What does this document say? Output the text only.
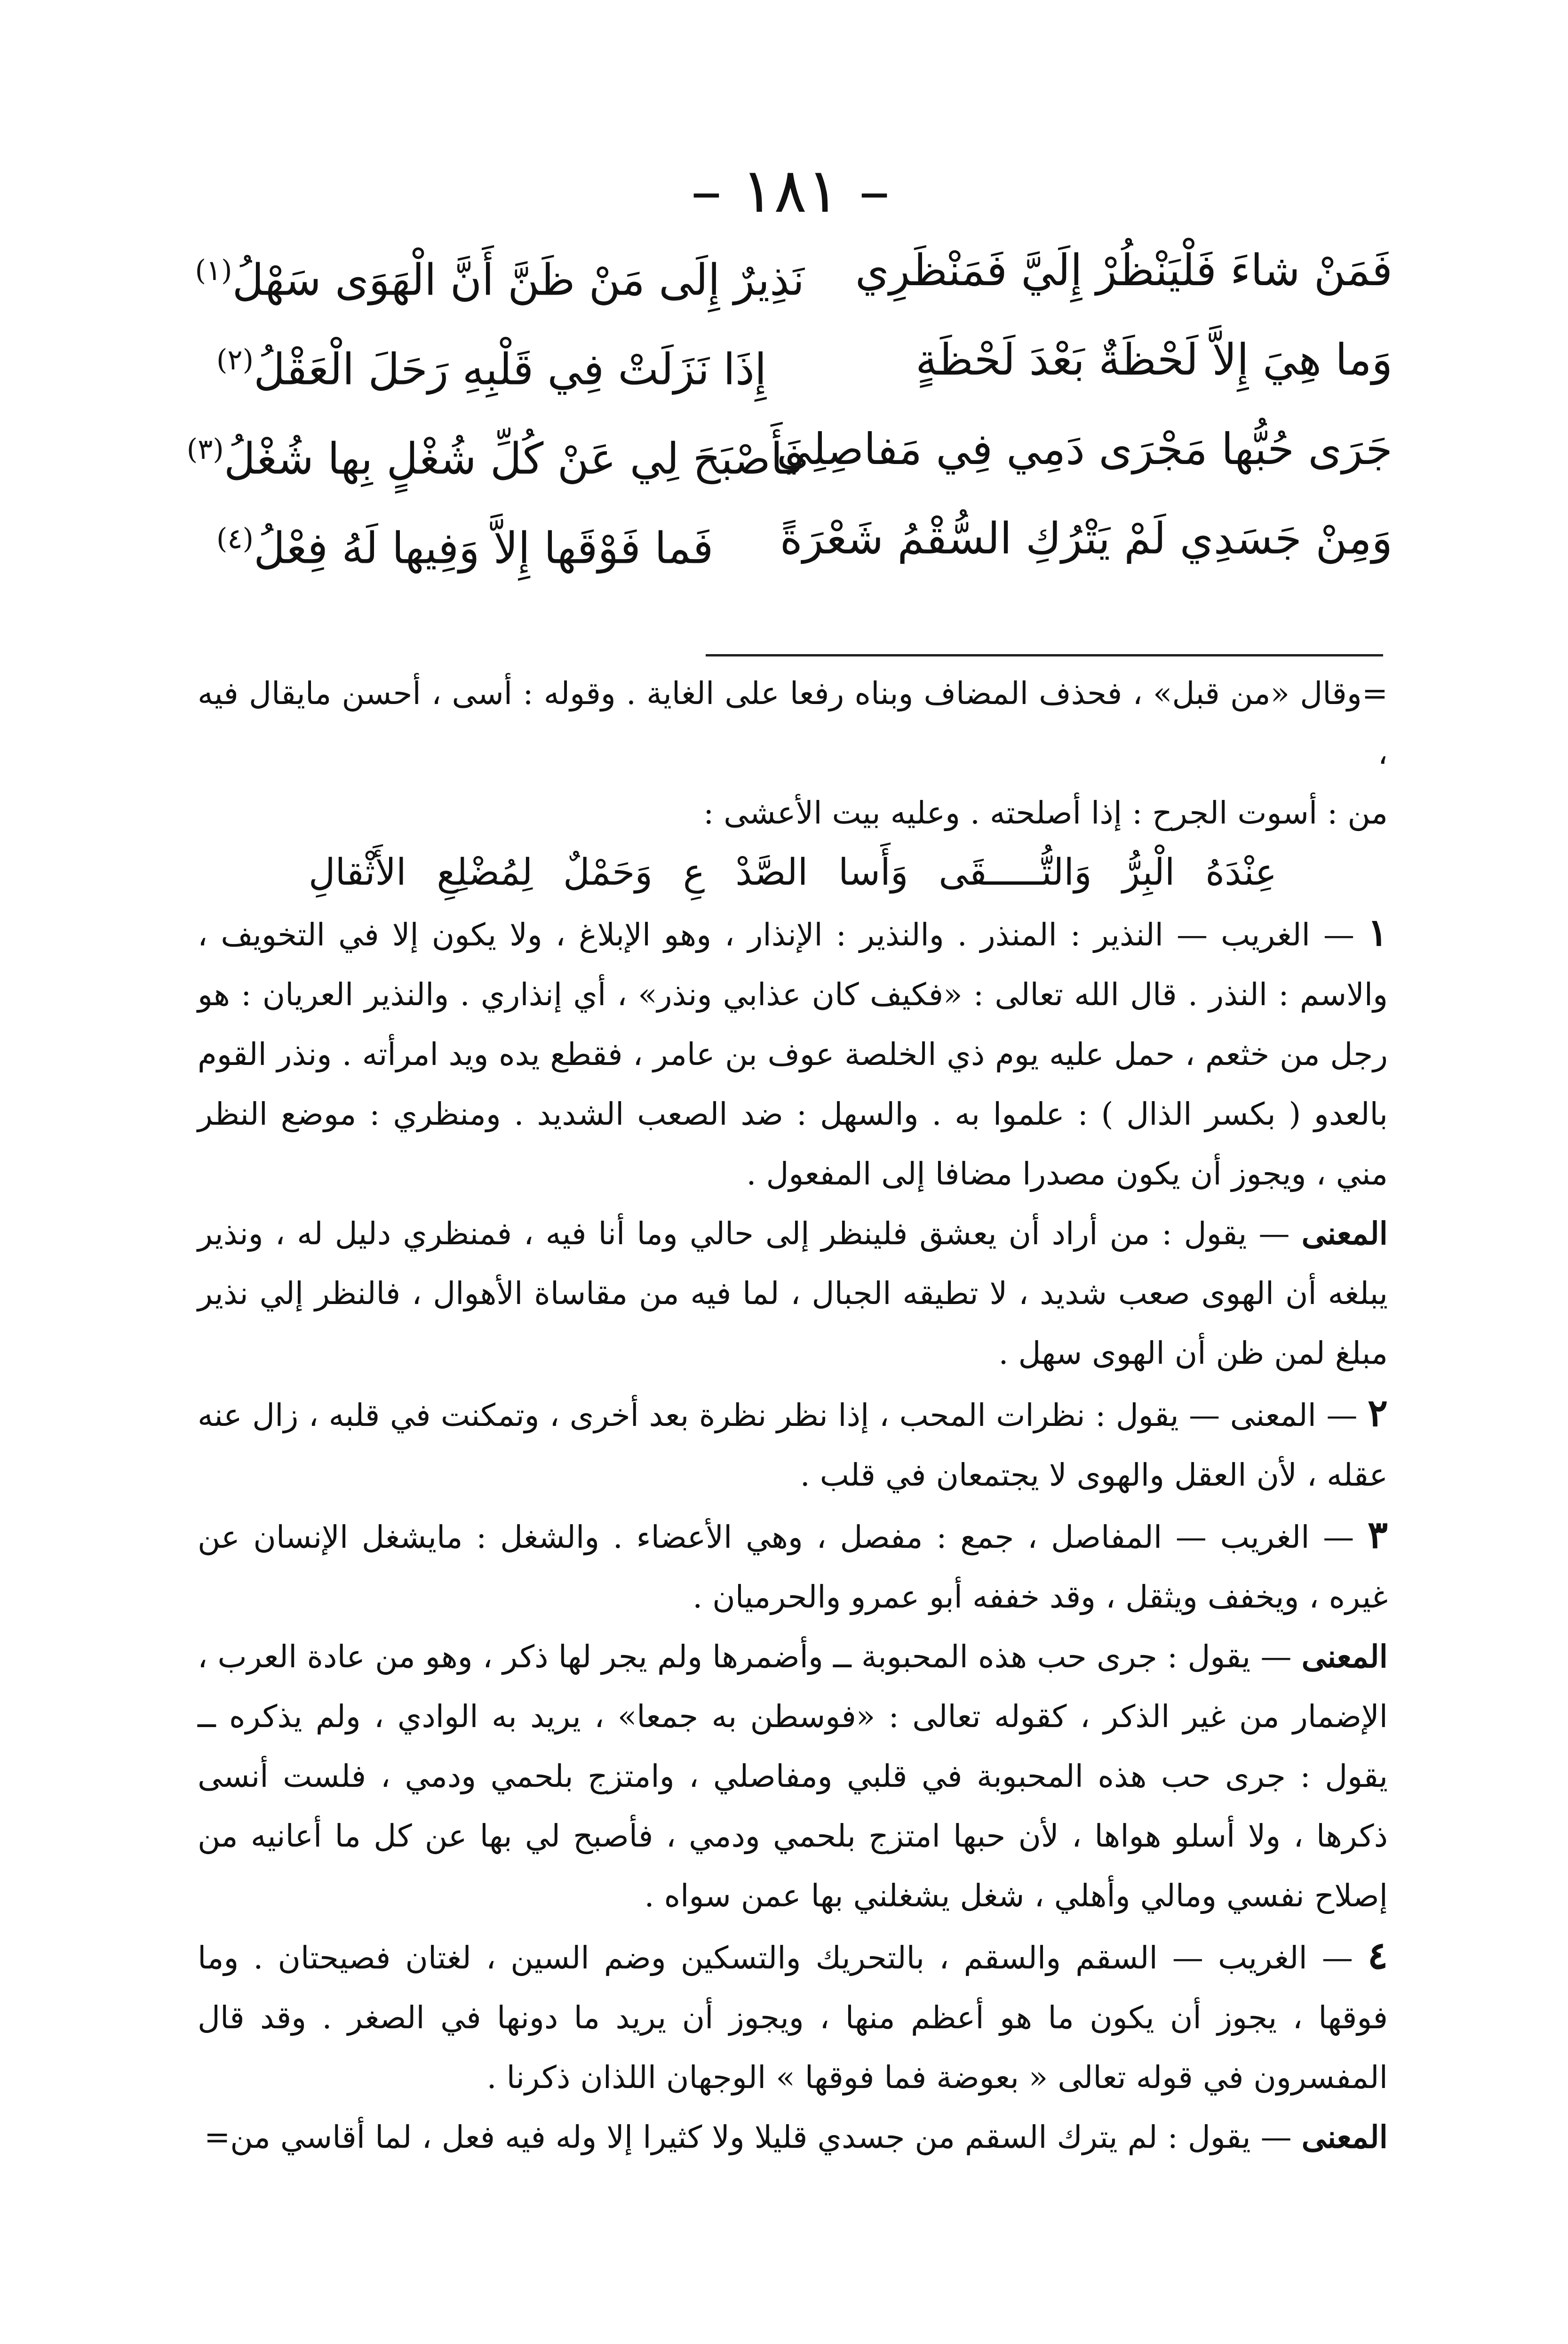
– ١٨١ –
فَمَنْ شاءَ فَلْيَنْظُرْ إِلَيَّ فَمَنْظَرِي
نَذِيرٌ إِلَى مَنْ ظَنَّ أَنَّ الْهَوَى سَهْلُ$^{(١)}$
وَما هِيَ إِلاَّ لَحْظَةٌ بَعْدَ لَحْظَةٍ
إِذَا نَزَلَتْ فِي قَلْبِهِ رَحَلَ الْعَقْلُ$^{(٢)}$
جَرَى حُبُّها مَجْرَى دَمِي فِي مَفاصِلِي
فَأَصْبَحَ لِي عَنْ كُلِّ شُغْلٍ بِها شُغْلُ$^{(٣)}$
وَمِنْ جَسَدِي لَمْ يَتْرُكِ السُّقْمُ شَعْرَةً
فَما فَوْقَها إِلاَّ وَفِيها لَهُ فِعْلُ$^{(٤)}$

=وقال «من قبل» ، فحذف المضاف وبناه رفعا على الغاية . وقوله : أسى ، أحسن مايقال فيه ،

من : أسوت الجرح : إذا أصلحته . وعليه بيت الأعشى :

عِنْدَهُ الْبِرُّ وَالتُّـــــقَى وَأَسا الصَّدْ عِ وَحَمْلٌ لِمُضْلِعِ الأَثْقالِ

١ — الغريب — النذير : المنذر . والنذير : الإنذار ، وهو الإبلاغ ، ولا يكون إلا في التخويف ، والاسم : النذر . قال الله تعالى : «فكيف كان عذابي ونذر» ، أي إنذاري . والنذير العريان : هو رجل من خثعم ، حمل عليه يوم ذي الخلصة عوف بن عامر ، فقطع يده ويد امرأته . ونذر القوم بالعدو ( بكسر الذال ) : علموا به . والسهل : ضد الصعب الشديد . ومنظري : موضع النظر مني ، ويجوز أن يكون مصدرا مضافا إلى المفعول .

المعنى — يقول : من أراد أن يعشق فلينظر إلى حالي وما أنا فيه ، فمنظري دليل له ، ونذير يبلغه أن الهوى صعب شديد ، لا تطيقه الجبال ، لما فيه من مقاساة الأهوال ، فالنظر إلي نذير مبلغ لمن ظن أن الهوى سهل .

٢ — المعنى — يقول : نظرات المحب ، إذا نظر نظرة بعد أخرى ، وتمكنت في قلبه ، زال عنه عقله ، لأن العقل والهوى لا يجتمعان في قلب .

٣ — الغريب — المفاصل ، جمع : مفصل ، وهي الأعضاء . والشغل : مايشغل الإنسان عن غيره ، ويخفف ويثقل ، وقد خففه أبو عمرو والحرميان .

المعنى — يقول : جرى حب هذه المحبوبة ــ وأضمرها ولم يجر لها ذكر ، وهو من عادة العرب ، الإضمار من غير الذكر ، كقوله تعالى : «فوسطن به جمعا» ، يريد به الوادي ، ولم يذكره ــ يقول : جرى حب هذه المحبوبة في قلبي ومفاصلي ، وامتزج بلحمي ودمي ، فلست أنسى ذكرها ، ولا أسلو هواها ، لأن حبها امتزج بلحمي ودمي ، فأصبح لي بها عن كل ما أعانيه من إصلاح نفسي ومالي وأهلي ، شغل يشغلني بها عمن سواه .

٤ — الغريب — السقم والسقم ، بالتحريك والتسكين وضم السين ، لغتان فصيحتان . وما فوقها ، يجوز أن يكون ما هو أعظم منها ، ويجوز أن يريد ما دونها في الصغر . وقد قال المفسرون في قوله تعالى « بعوضة فما فوقها » الوجهان اللذان ذكرنا .

المعنى — يقول : لم يترك السقم من جسدي قليلا ولا كثيرا إلا وله فيه فعل ، لما أقاسي من=
